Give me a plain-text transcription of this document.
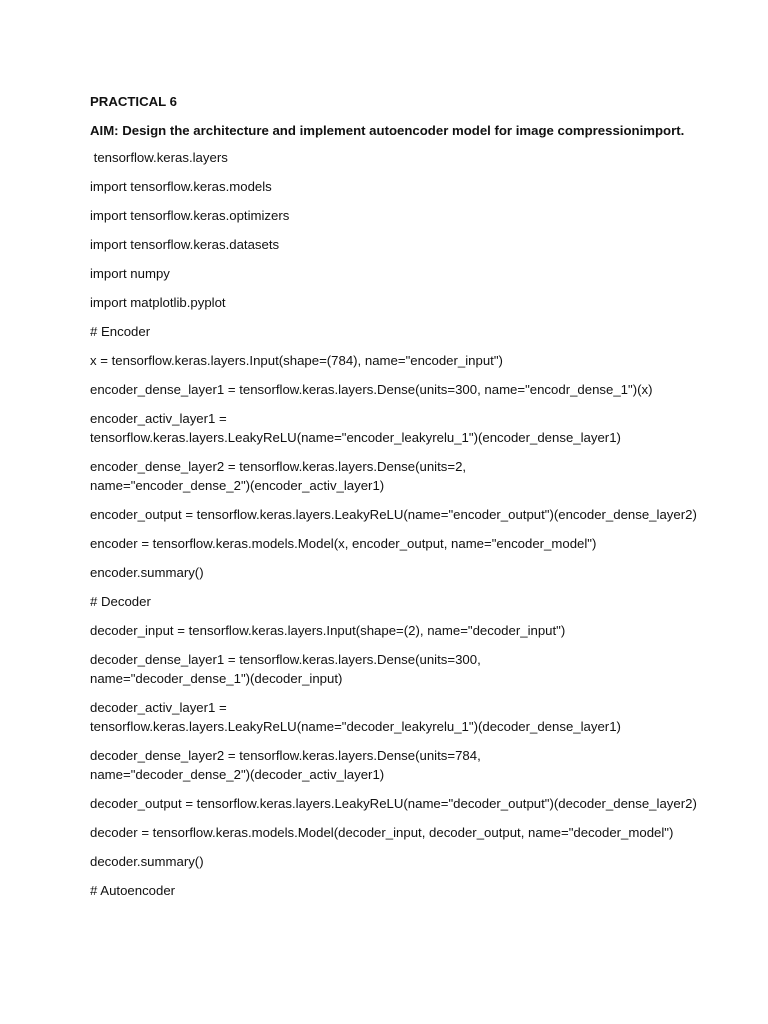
PRACTICAL 6
AIM: Design the architecture and implement autoencoder model for image compressionimport.
tensorflow.keras.layers
import tensorflow.keras.models
import tensorflow.keras.optimizers
import tensorflow.keras.datasets
import numpy
import matplotlib.pyplot
# Encoder
x = tensorflow.keras.layers.Input(shape=(784), name="encoder_input")
encoder_dense_layer1 = tensorflow.keras.layers.Dense(units=300, name="encodr_dense_1")(x)
encoder_activ_layer1 =
tensorflow.keras.layers.LeakyReLU(name="encoder_leakyrelu_1")(encoder_dense_layer1)
encoder_dense_layer2 = tensorflow.keras.layers.Dense(units=2,
name="encoder_dense_2")(encoder_activ_layer1)
encoder_output = tensorflow.keras.layers.LeakyReLU(name="encoder_output")(encoder_dense_layer2)
encoder = tensorflow.keras.models.Model(x, encoder_output, name="encoder_model")
encoder.summary()
# Decoder
decoder_input = tensorflow.keras.layers.Input(shape=(2), name="decoder_input")
decoder_dense_layer1 = tensorflow.keras.layers.Dense(units=300,
name="decoder_dense_1")(decoder_input)
decoder_activ_layer1 =
tensorflow.keras.layers.LeakyReLU(name="decoder_leakyrelu_1")(decoder_dense_layer1)
decoder_dense_layer2 = tensorflow.keras.layers.Dense(units=784,
name="decoder_dense_2")(decoder_activ_layer1)
decoder_output = tensorflow.keras.layers.LeakyReLU(name="decoder_output")(decoder_dense_layer2)
decoder = tensorflow.keras.models.Model(decoder_input, decoder_output, name="decoder_model")
decoder.summary()
# Autoencoder
